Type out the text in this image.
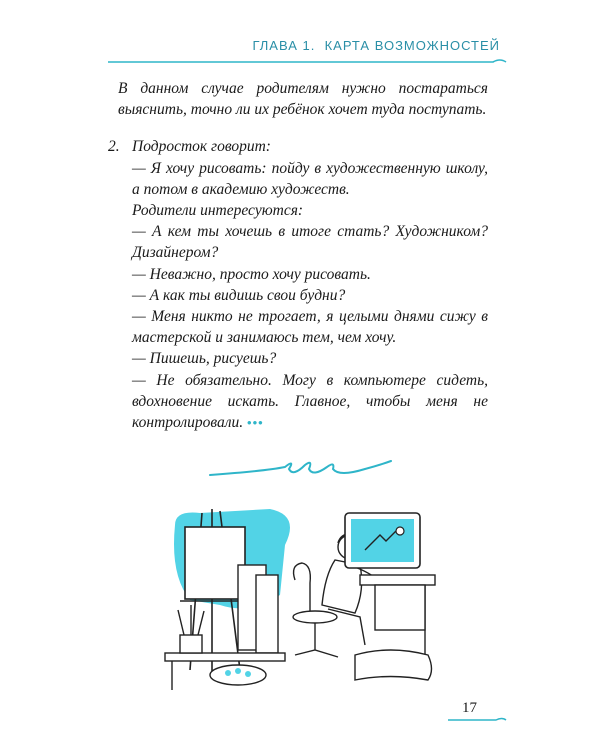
ГЛАВА 1. КАРТА ВОЗМОЖНОСТЕЙ

В данном случае родителям нужно постараться выяснить, точно ли их ребёнок хочет туда поступать.

2. Подросток говорит:

— Я хочу рисовать: пойду в художественную школу, а потом в академию художеств.

Родители интересуются:

— А кем ты хочешь в итоге стать? Художником? Дизайнером?

— Неважно, просто хочу рисовать.

— А как ты видишь свои будни?

— Меня никто не трогает, я целыми днями сижу в мастерской и занимаюсь тем, чем хочу.

— Пишешь, рисуешь?

— Не обязательно. Могу в компьютере сидеть, вдохновение искать. Главное, чтобы меня не контролировали. •••

17
